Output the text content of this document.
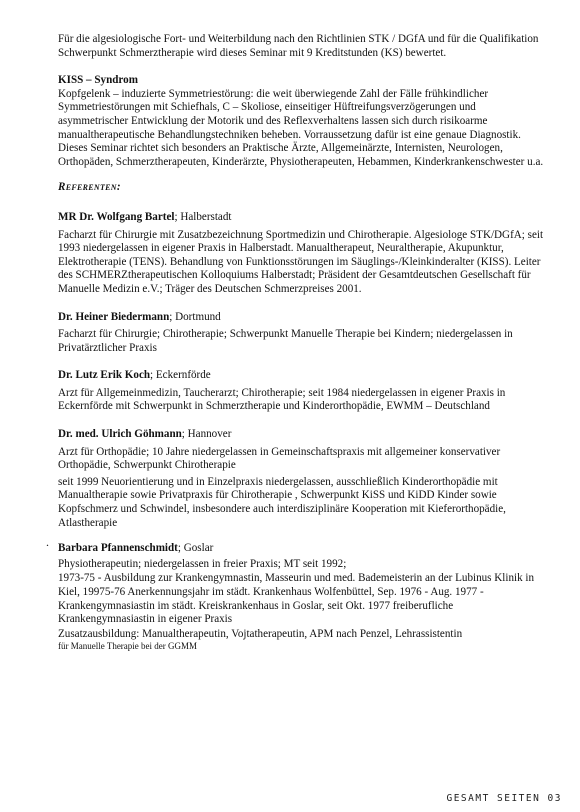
Für die algesiologische Fort- und Weiterbildung nach den Richtlinien STK / DGfA und für die Qualifikation Schwerpunkt Schmerztherapie wird dieses Seminar mit 9 Kreditstunden (KS) bewertet.

KISS – Syndrom

Kopfgelenk – induzierte Symmetriestörung: die weit überwiegende Zahl der Fälle frühkindlicher Symmetriestörungen mit Schiefhals, C – Skoliose, einseitiger Hüftreifungsverzögerungen und asymmetrischer Entwicklung der Motorik und des Reflexverhaltens lassen sich durch risikoarme manualtherapeutische Behandlungstechniken beheben. Vorraussetzung dafür ist eine genaue Diagnostik.

Dieses Seminar richtet sich besonders an Praktische Ärzte, Allgemeinärzte, Internisten, Neurologen, Orthopäden, Schmerztherapeuten, Kinderärzte, Physiotherapeuten, Hebammen, Kinderkrankenschwester u.a.

Referenten:

MR Dr. Wolfgang Bartel; Halberstadt

Facharzt für Chirurgie mit Zusatzbezeichnung Sportmedizin und Chirotherapie. Algesiologe STK/DGfA; seit 1993 niedergelassen in eigener Praxis in Halberstadt. Manualtherapeut, Neuraltherapie, Akupunktur, Elektrotherapie (TENS). Behandlung von Funktionsstörungen im Säuglings-/Kleinkinderalter (KISS). Leiter des SCHMERZtherapeutischen Kolloquiums Halberstadt; Präsident der Gesamtdeutschen Gesellschaft für Manuelle Medizin e.V.; Träger des Deutschen Schmerzpreises 2001.

Dr. Heiner Biedermann; Dortmund

Facharzt für Chirurgie; Chirotherapie; Schwerpunkt Manuelle Therapie bei Kindern; niedergelassen in Privatärztlicher Praxis

Dr. Lutz Erik Koch; Eckernförde

Arzt für Allgemeinmedizin, Taucherarzt; Chirotherapie; seit 1984 niedergelassen in eigener Praxis in Eckernförde mit Schwerpunkt in Schmerztherapie und Kinderorthopädie, EWMM – Deutschland

Dr. med. Ulrich Göhmann; Hannover

Arzt für Orthopädie; 10 Jahre niedergelassen in Gemeinschaftspraxis mit allgemeiner konservativer Orthopädie, Schwerpunkt Chirotherapie

seit 1999 Neuorientierung und in Einzelpraxis niedergelassen, ausschließlich Kinderorthopädie mit Manualtherapie sowie Privatpraxis für Chirotherapie , Schwerpunkt KiSS und KiDD Kinder sowie Kopfschmerz und Schwindel, insbesondere auch interdisziplinäre Kooperation mit Kieferorthopädie, Atlastherapie

Barbara Pfannenschmidt; Goslar

Physiotherapeutin; niedergelassen in freier Praxis; MT seit 1992;

1973-75 - Ausbildung zur Krankengymnastin, Masseurin und med. Bademeisterin an der Lubinus Klinik in Kiel, 19975-76 Anerkennungsjahr im städt. Krankenhaus Wolfenbüttel, Sep. 1976 - Aug. 1977 - Krankengymnasiastin im städt. Kreiskrankenhaus in Goslar, seit Okt. 1977 freiberufliche Krankengymnasiastin in eigener Praxis

Zusatzausbildung: Manualtherapeutin, Vojtatherapeutin, APM nach Penzel, Lehrassistentin

für Manuelle Therapie bei der GGMM

.
GESAMT SEITEN 03
